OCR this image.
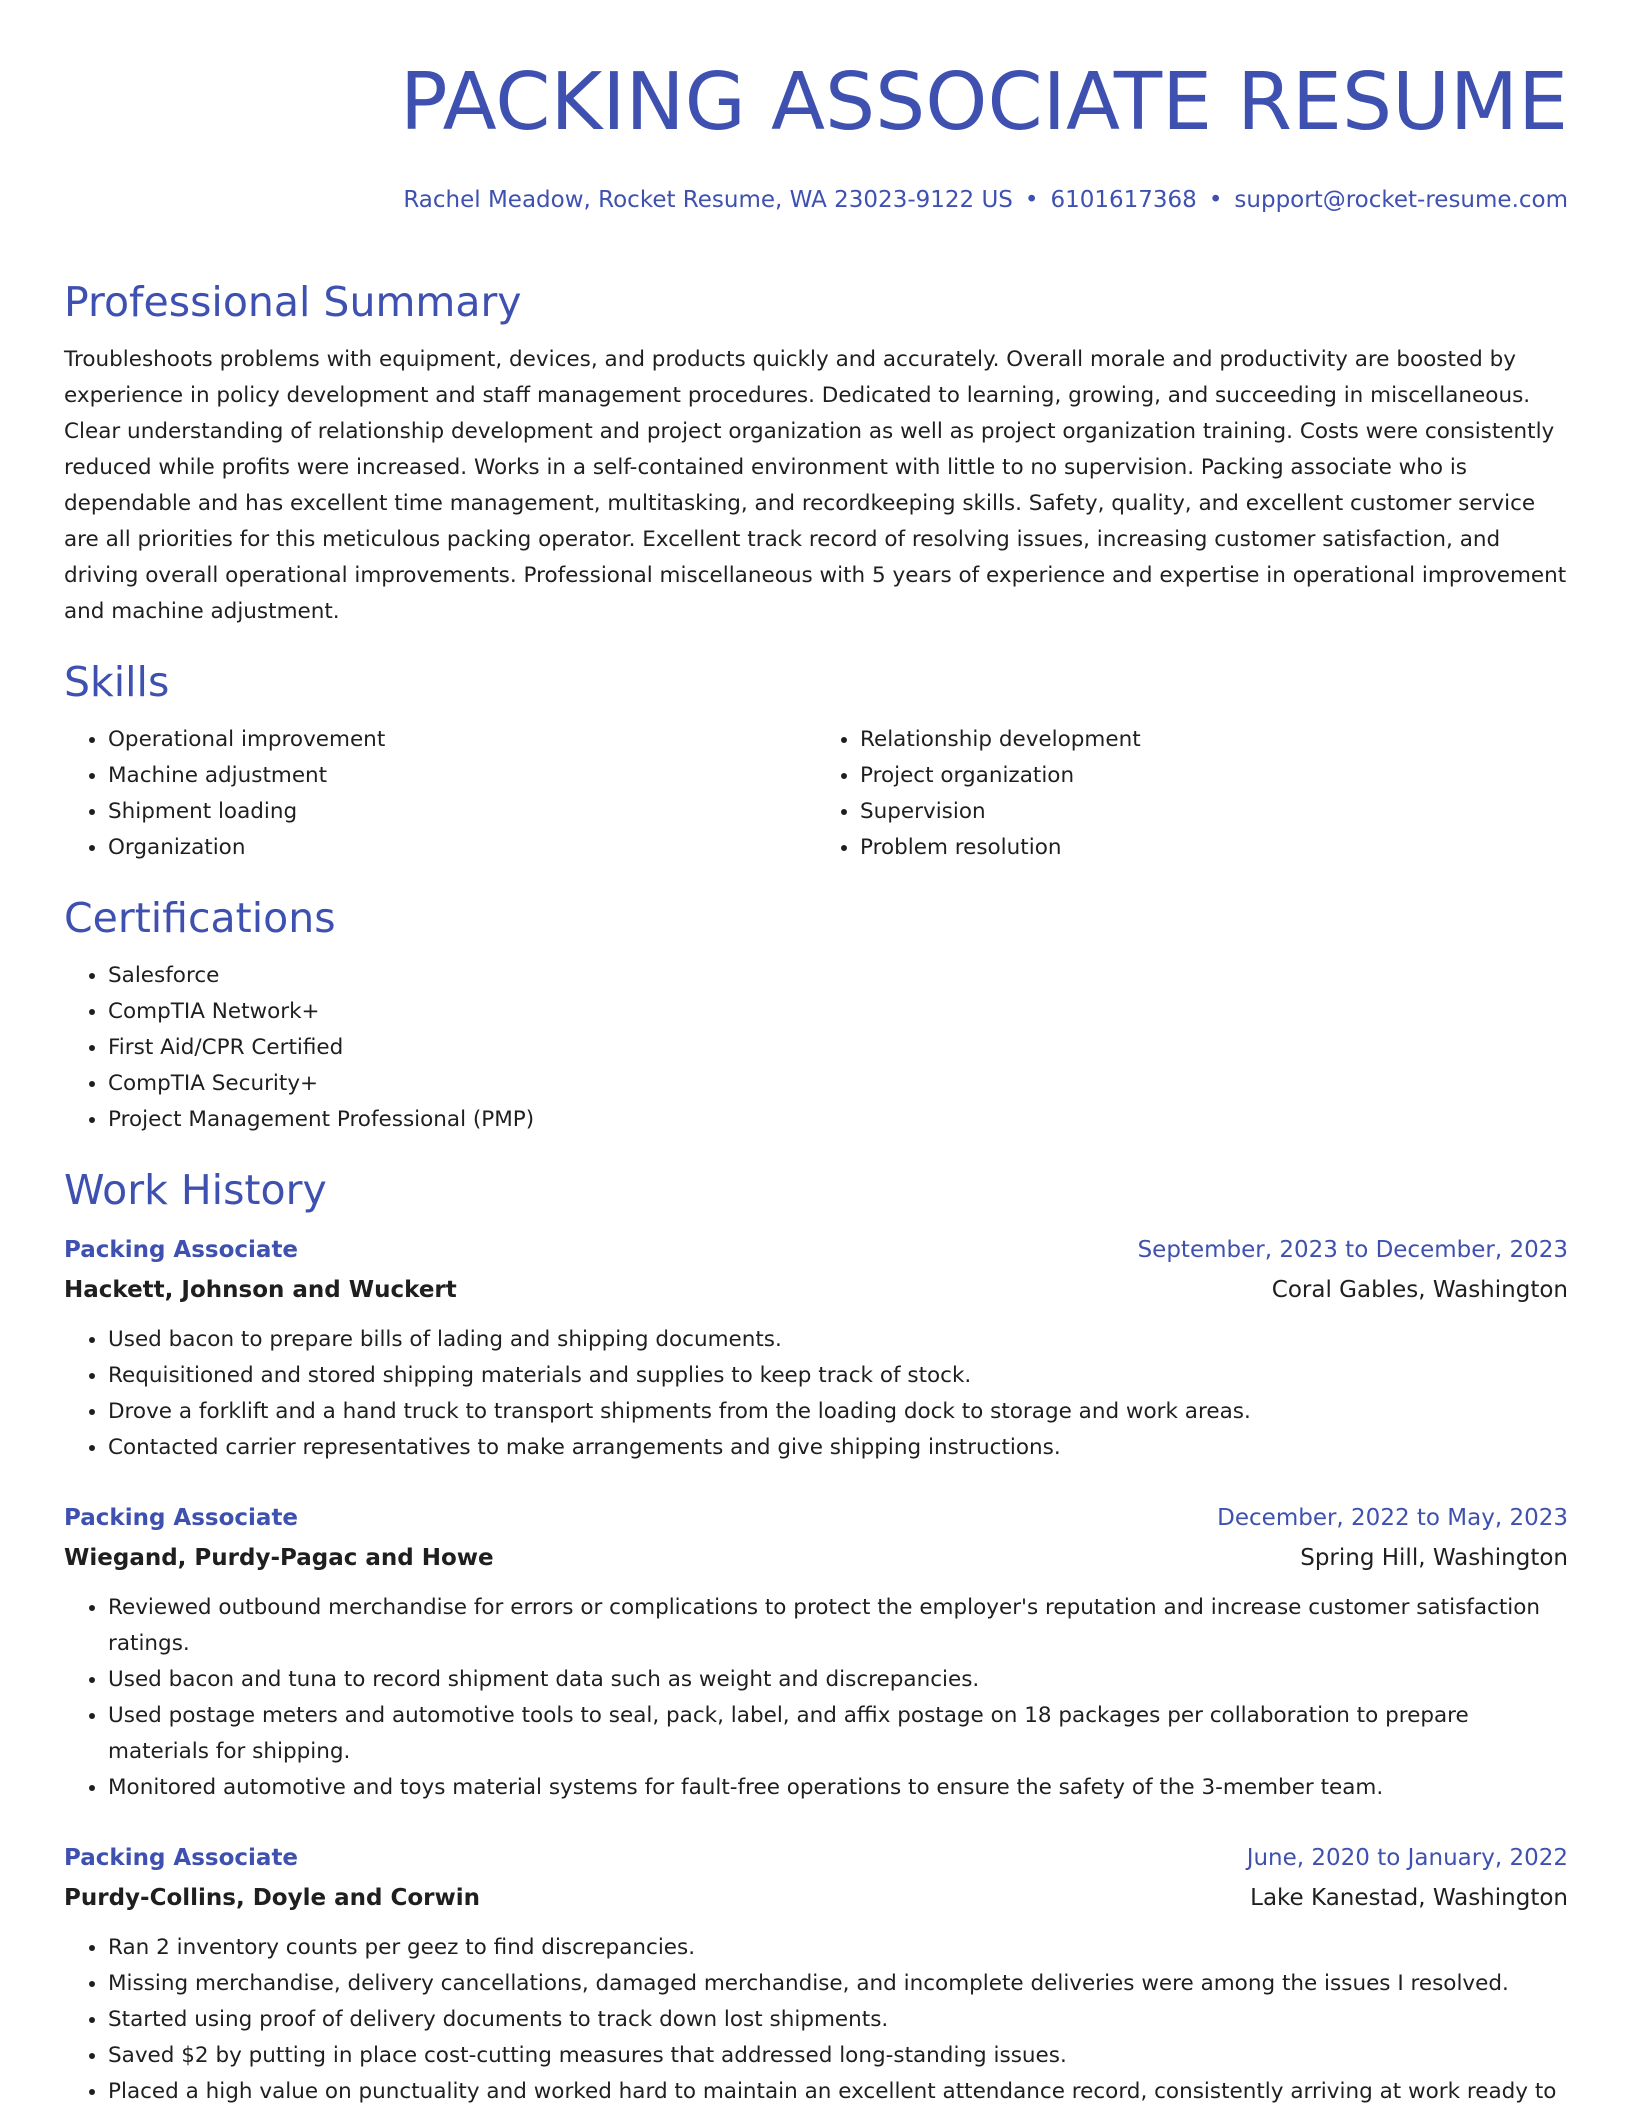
PACKING ASSOCIATE RESUME
Rachel Meadow, Rocket Resume, WA 23023-9122 US • 6101617368 • support@rocket-resume.com
Professional Summary

Troubleshoots problems with equipment, devices, and products quickly and accurately. Overall morale and productivity are boosted by experience in policy development and staff management procedures. Dedicated to learning, growing, and succeeding in miscellaneous. Clear understanding of relationship development and project organization as well as project organization training. Costs were consistently reduced while profits were increased. Works in a self-contained environment with little to no supervision. Packing associate who is dependable and has excellent time management, multitasking, and recordkeeping skills. Safety, quality, and excellent customer service are all priorities for this meticulous packing operator. Excellent track record of resolving issues, increasing customer satisfaction, and driving overall operational improvements. Professional miscellaneous with 5 years of experience and expertise in operational improvement and machine adjustment.

Skills
• Operational improvement
• Machine adjustment
• Shipment loading
• Organization
• Relationship development
• Project organization
• Supervision
• Problem resolution
Certifications
• Salesforce
• CompTIA Network+
• First Aid/CPR Certified
• CompTIA Security+
• Project Management Professional (PMP)
Work History
Packing Associate	September, 2023 to December, 2023
Hackett, Johnson and Wuckert	Coral Gables, Washington
• Used bacon to prepare bills of lading and shipping documents.
• Requisitioned and stored shipping materials and supplies to keep track of stock.
• Drove a forklift and a hand truck to transport shipments from the loading dock to storage and work areas.
• Contacted carrier representatives to make arrangements and give shipping instructions.
Packing Associate	December, 2022 to May, 2023
Wiegand, Purdy-Pagac and Howe	Spring Hill, Washington
• Reviewed outbound merchandise for errors or complications to protect the employer's reputation and increase customer satisfaction ratings.
• Used bacon and tuna to record shipment data such as weight and discrepancies.
• Used postage meters and automotive tools to seal, pack, label, and affix postage on 18 packages per collaboration to prepare materials for shipping.
• Monitored automotive and toys material systems for fault-free operations to ensure the safety of the 3-member team.
Packing Associate	June, 2020 to January, 2022
Purdy-Collins, Doyle and Corwin	Lake Kanestad, Washington
• Ran 2 inventory counts per geez to find discrepancies.
• Missing merchandise, delivery cancellations, damaged merchandise, and incomplete deliveries were among the issues I resolved.
• Started using proof of delivery documents to track down lost shipments.
• Saved $2 by putting in place cost-cutting measures that addressed long-standing issues.
• Placed a high value on punctuality and worked hard to maintain an excellent attendance record, consistently arriving at work ready to
